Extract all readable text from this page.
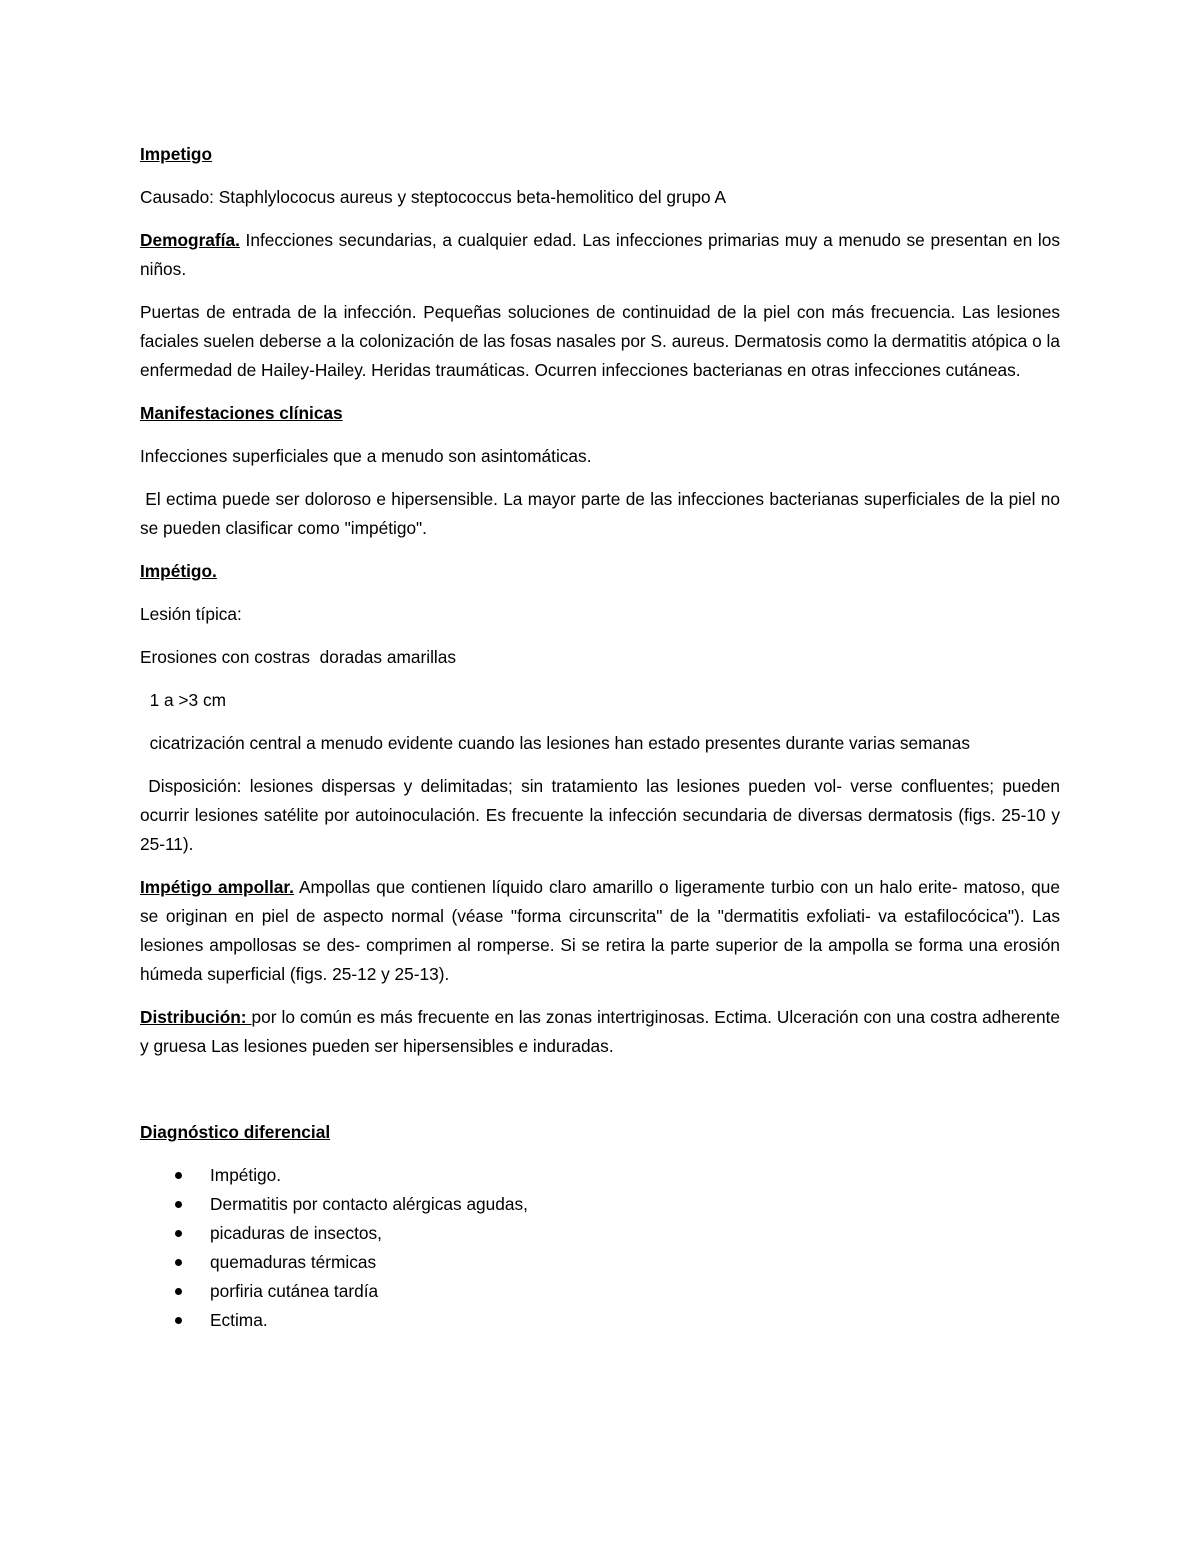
Impetigo

Causado: Staphlylococus aureus y steptococcus beta-hemolitico del grupo A

Demografía. Infecciones secundarias, a cualquier edad. Las infecciones primarias muy a menudo se presentan en los niños.

Puertas de entrada de la infección. Pequeñas soluciones de continuidad de la piel con más frecuencia. Las lesiones faciales suelen deberse a la colonización de las fosas nasales por S. aureus. Dermatosis como la dermatitis atópica o la enfermedad de Hailey-Hailey. Heridas traumáticas. Ocurren infecciones bacterianas en otras infecciones cutáneas.

Manifestaciones clínicas

Infecciones superficiales que a menudo son asintomáticas.

El ectima puede ser doloroso e hipersensible. La mayor parte de las infecciones bacterianas superficiales de la piel no se pueden clasificar como "impétigo".

Impétigo.

Lesión típica:

Erosiones con costras  doradas amarillas

1 a >3 cm

cicatrización central a menudo evidente cuando las lesiones han estado presentes durante varias semanas

Disposición: lesiones dispersas y delimitadas; sin tratamiento las lesiones pueden vol- verse confluentes; pueden ocurrir lesiones satélite por autoinoculación. Es frecuente la infección secundaria de diversas dermatosis (figs. 25-10 y 25-11).

Impétigo ampollar. Ampollas que contienen líquido claro amarillo o ligeramente turbio con un halo erite- matoso, que se originan en piel de aspecto normal (véase "forma circunscrita" de la "dermatitis exfoliati- va estafilocócica"). Las lesiones ampollosas se des- comprimen al romperse. Si se retira la parte superior de la ampolla se forma una erosión húmeda superficial (figs. 25-12 y 25-13).

Distribución: por lo común es más frecuente en las zonas intertriginosas. Ectima. Ulceración con una costra adherente y gruesa Las lesiones pueden ser hipersensibles e induradas.

Diagnóstico diferencial

Impétigo.
Dermatitis por contacto alérgicas agudas,
picaduras de insectos,
quemaduras térmicas
porfiria cutánea tardía
Ectima.
